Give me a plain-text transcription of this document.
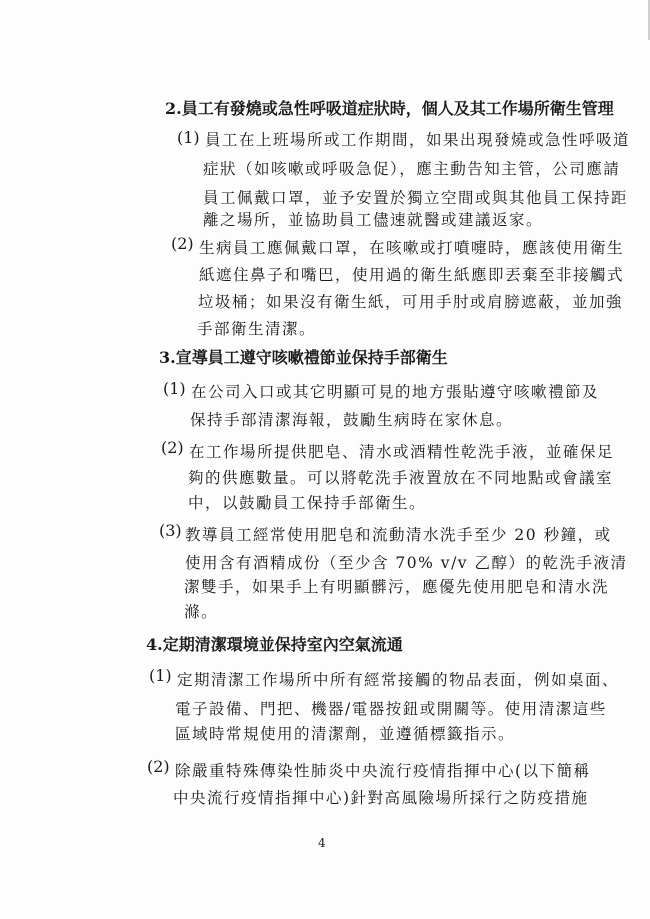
2.員工有發燒或急性呼吸道症狀時，個人及其工作場所衛生管理
(1) 員工在上班場所或工作期間，如果出現發燒或急性呼吸道
症狀（如咳嗽或呼吸急促），應主動告知主管，公司應請
員工佩戴口罩，並予安置於獨立空間或與其他員工保持距
離之場所，並協助員工儘速就醫或建議返家。
(2) 生病員工應佩戴口罩，在咳嗽或打噴嚏時，應該使用衛生
紙遮住鼻子和嘴巴，使用過的衛生紙應即丟棄至非接觸式
垃圾桶；如果沒有衛生紙，可用手肘或肩膀遮蔽，並加強
手部衛生清潔。
3.宣導員工遵守咳嗽禮節並保持手部衛生
(1) 在公司入口或其它明顯可見的地方張貼遵守咳嗽禮節及
保持手部清潔海報，鼓勵生病時在家休息。
(2) 在工作場所提供肥皂、清水或酒精性乾洗手液，並確保足
夠的供應數量。可以將乾洗手液置放在不同地點或會議室
中，以鼓勵員工保持手部衛生。
(3) 教導員工經常使用肥皂和流動清水洗手至少 20 秒鐘，或
使用含有酒精成份（至少含 70% v/v 乙醇）的乾洗手液清
潔雙手，如果手上有明顯髒污，應優先使用肥皂和清水洗
滌。
4.定期清潔環境並保持室內空氣流通
(1) 定期清潔工作場所中所有經常接觸的物品表面，例如桌面、
電子設備、門把、機器/電器按鈕或開關等。使用清潔這些
區域時常規使用的清潔劑，並遵循標籤指示。
(2) 除嚴重特殊傳染性肺炎中央流行疫情指揮中心(以下簡稱
中央流行疫情指揮中心)針對高風險場所採行之防疫措施
4
